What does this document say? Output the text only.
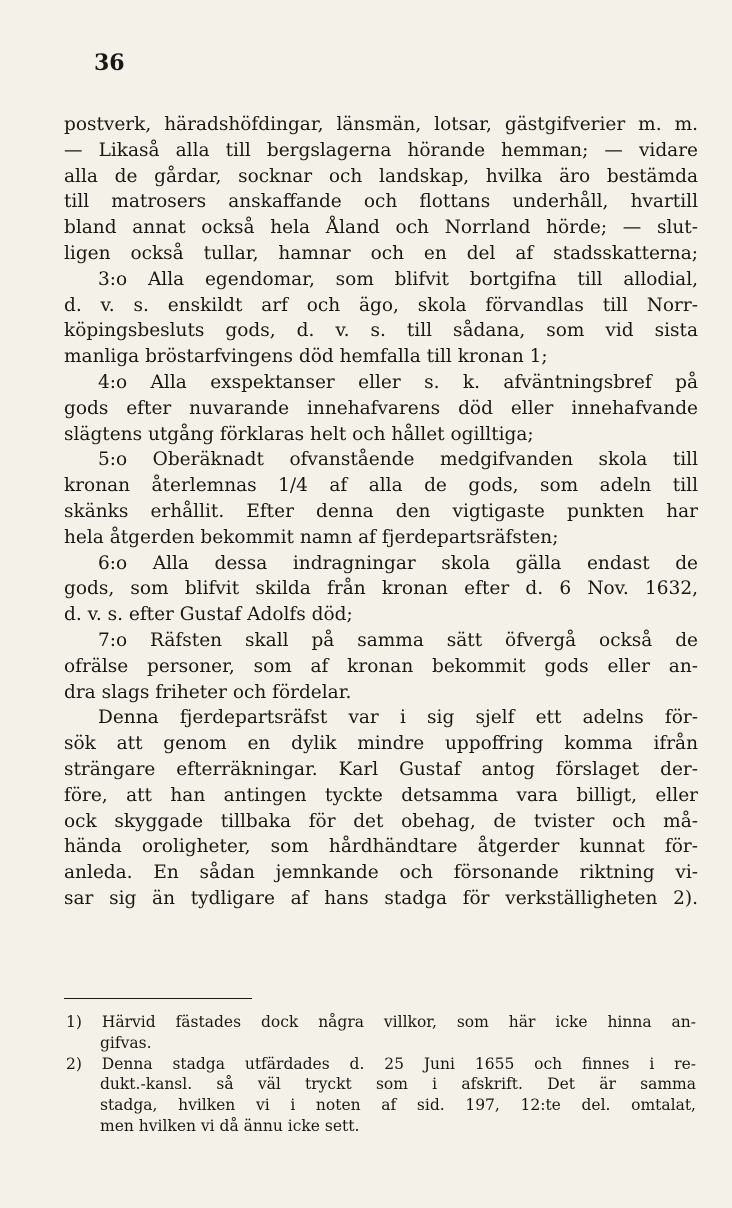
36
postverk, häradshöfdingar, länsmän, lotsar, gästgifverier m. m.
— Likaså alla till bergslagerna hörande hemman; — vidare
alla de gårdar, socknar och landskap, hvilka äro bestämda
till matrosers anskaffande och flottans underhåll, hvartill
bland annat också hela Åland och Norrland hörde; — slut-
ligen också tullar, hamnar och en del af stadsskatterna;
3:o Alla egendomar, som blifvit bortgifna till allodial,
d. v. s. enskildt arf och ägo, skola förvandlas till Norr-
köpingsbesluts gods, d. v. s. till sådana, som vid sista
manliga bröstarfvingens död hemfalla till kronan 1;
4:o Alla exspektanser eller s. k. afväntningsbref på
gods efter nuvarande innehafvarens död eller innehafvande
slägtens utgång förklaras helt och hållet ogilltiga;
5:o Oberäknadt ofvanstående medgifvanden skola till
kronan återlemnas 1/4 af alla de gods, som adeln till
skänks erhållit. Efter denna den vigtigaste punkten har
hela åtgerden bekommit namn af fjerdepartsräfsten;
6:o Alla dessa indragningar skola gälla endast de
gods, som blifvit skilda från kronan efter d. 6 Nov. 1632,
d. v. s. efter Gustaf Adolfs död;
7:o Räfsten skall på samma sätt öfvergå också de
ofrälse personer, som af kronan bekommit gods eller an-
dra slags friheter och fördelar.
Denna fjerdepartsräfst var i sig sjelf ett adelns för-
sök att genom en dylik mindre uppoffring komma ifrån
strängare efterräkningar. Karl Gustaf antog förslaget der-
före, att han antingen tyckte detsamma vara billigt, eller
ock skyggade tillbaka för det obehag, de tvister och må-
hända oroligheter, som hårdhändtare åtgerder kunnat för-
anleda. En sådan jemnkande och försonande riktning vi-
sar sig än tydligare af hans stadga för verkställigheten 2).
1) Härvid fästades dock några villkor, som här icke hinna an-
gifvas.
2) Denna stadga utfärdades d. 25 Juni 1655 och finnes i re-
dukt.-kansl. så väl tryckt som i afskrift. Det är samma
stadga, hvilken vi i noten af sid. 197, 12:te del. omtalat,
men hvilken vi då ännu icke sett.
